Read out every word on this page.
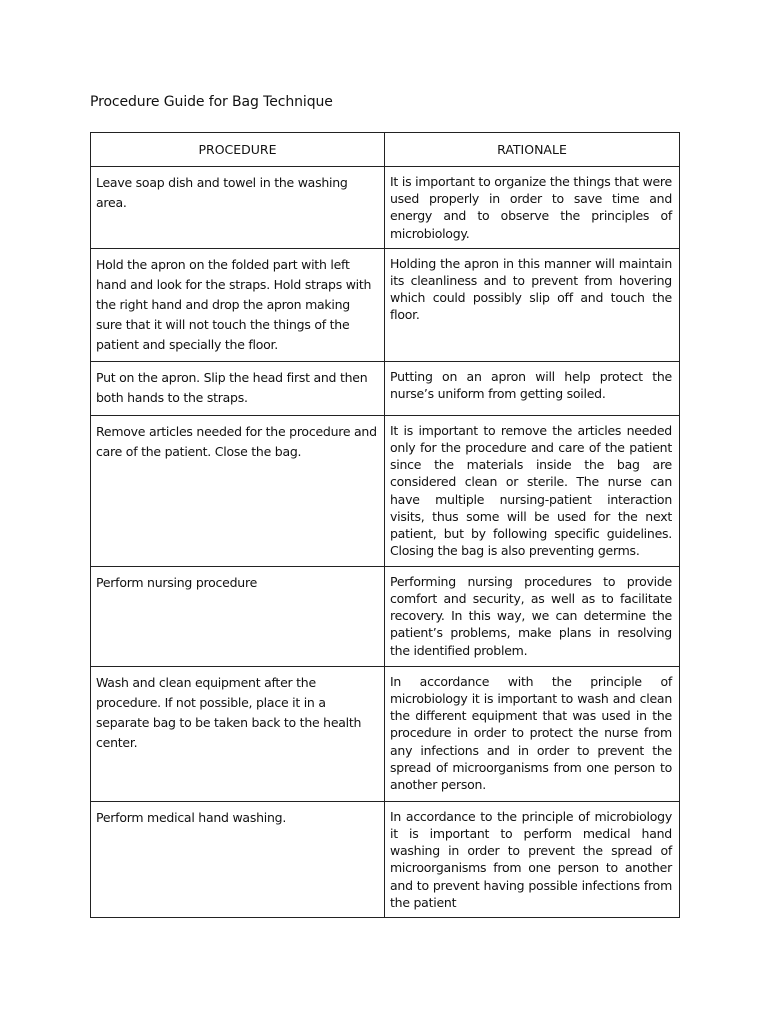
Procedure Guide for Bag Technique
PROCEDURE	RATIONALE
Leave soap dish and towel in the washing area.	It is important to organize the things that were used properly in order to save time and energy and to observe the principles of microbiology.
Hold the apron on the folded part with left hand and look for the straps. Hold straps with the right hand and drop the apron making sure that it will not touch the things of the patient and specially the floor.	Holding the apron in this manner will maintain its cleanliness and to prevent from hovering which could possibly slip off and touch the floor.
Put on the apron. Slip the head first and then both hands to the straps.	Putting on an apron will help protect the nurse’s uniform from getting soiled.
Remove articles needed for the procedure and care of the patient. Close the bag.	It is important to remove the articles needed only for the procedure and care of the patient since the materials inside the bag are considered clean or sterile. The nurse can have multiple nursing-patient interaction visits, thus some will be used for the next patient, but by following specific guidelines. Closing the bag is also preventing germs.
Perform nursing procedure	Performing nursing procedures to provide comfort and security, as well as to facilitate recovery. In this way, we can determine the patient’s problems, make plans in resolving the identified problem.
Wash and clean equipment after the procedure. If not possible, place it in a separate bag to be taken back to the health center.	In accordance with the principle of microbiology it is important to wash and clean the different equipment that was used in the procedure in order to protect the nurse from any infections and in order to prevent the spread of microorganisms from one person to another person.
Perform medical hand washing.	In accordance to the principle of microbiology it is important to perform medical hand washing in order to prevent the spread of microorganisms from one person to another and to prevent having possible infections from the patient
